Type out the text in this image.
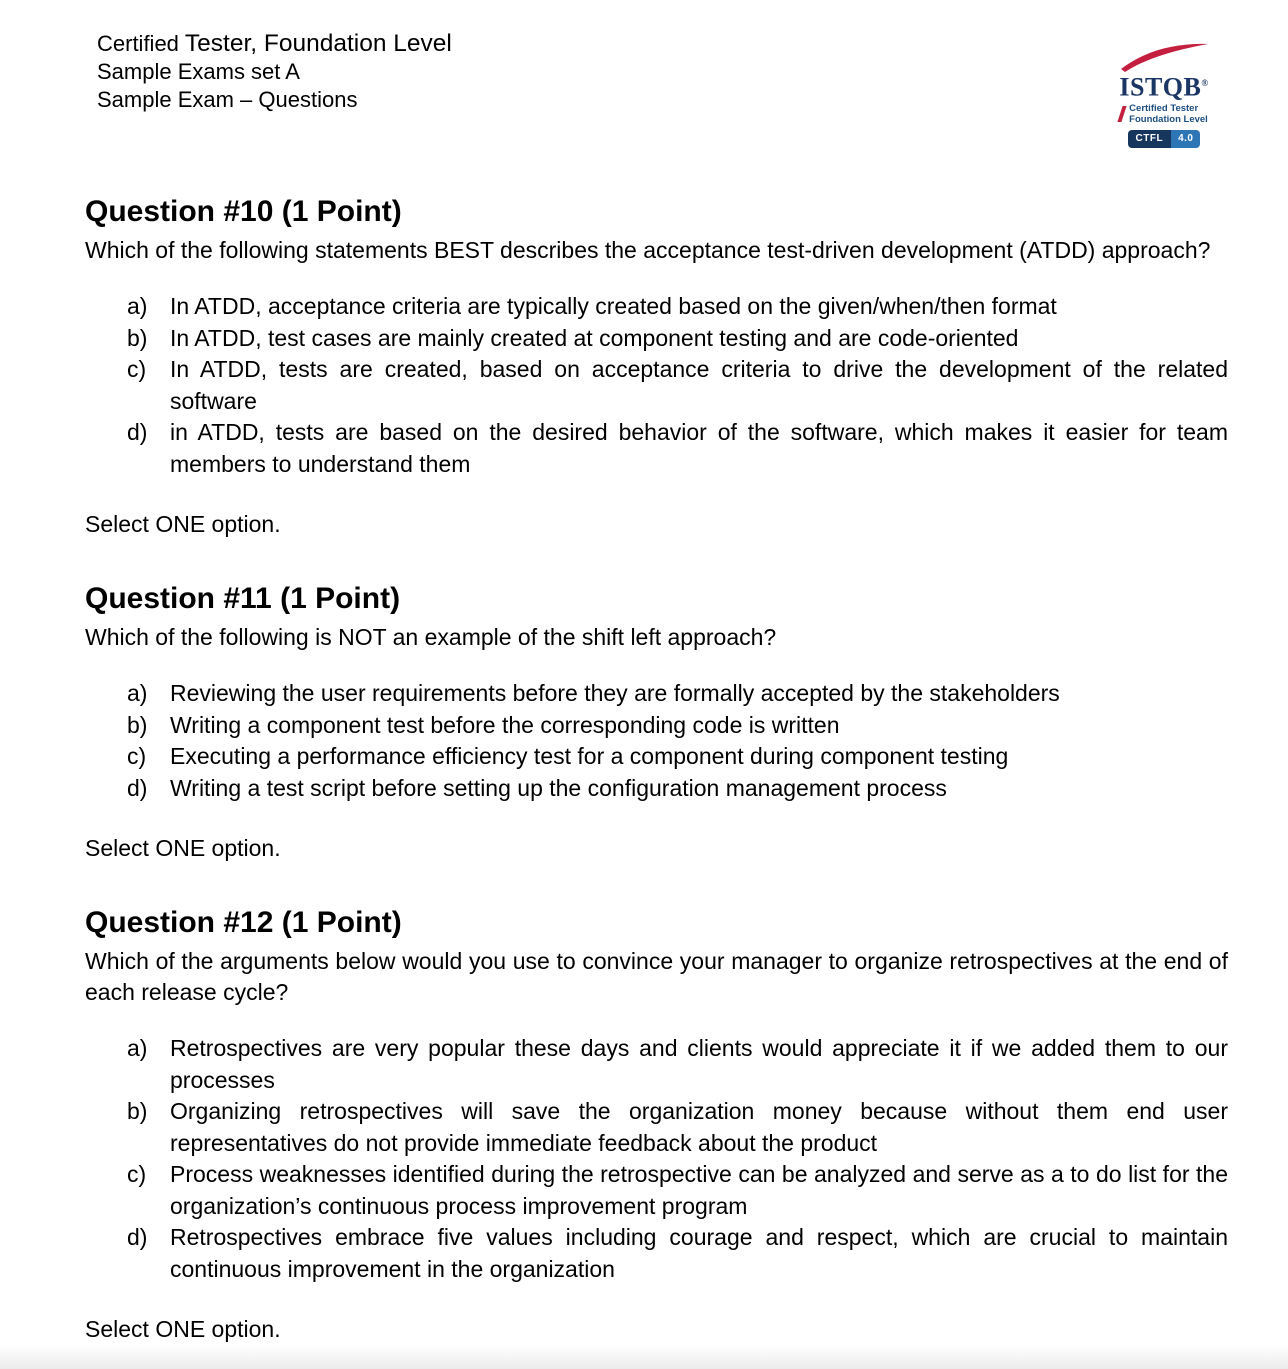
Certified Tester, Foundation Level
Sample Exams set A
Sample Exam – Questions	ISTQB®
Certified Tester
Foundation Level
CTFL	4.0
Question #10 (1 Point)

Which of the following statements BEST describes the acceptance test-driven development (ATDD) approach?

a) In ATDD, acceptance criteria are typically created based on the given/when/then format
b) In ATDD, test cases are mainly created at component testing and are code-oriented
c)	In ATDD, tests are created, based on acceptance criteria to drive the development of the related software
d) in ATDD, tests are based on the desired behavior of the software, which makes it easier for team members to understand them

Select ONE option.

Question #11 (1 Point)

Which of the following is NOT an example of the shift left approach?

a) Reviewing the user requirements before they are formally accepted by the stakeholders
b) Writing a component test before the corresponding code is written
c)	Executing a performance efficiency test for a component during component testing
d) Writing a test script before setting up the configuration management process

Select ONE option.

Question #12 (1 Point)

Which of the arguments below would you use to convince your manager to organize retrospectives at the end of each release cycle?

a) Retrospectives are very popular these days and clients would appreciate it if we added them to our processes
b) Organizing retrospectives will save the organization money because without them end user representatives do not provide immediate feedback about the product
c)	Process weaknesses identified during the retrospective can be analyzed and serve as a to do list for the organization’s continuous process improvement program
d) Retrospectives embrace five values including courage and respect, which are crucial to maintain continuous improvement in the organization

Select ONE option.
